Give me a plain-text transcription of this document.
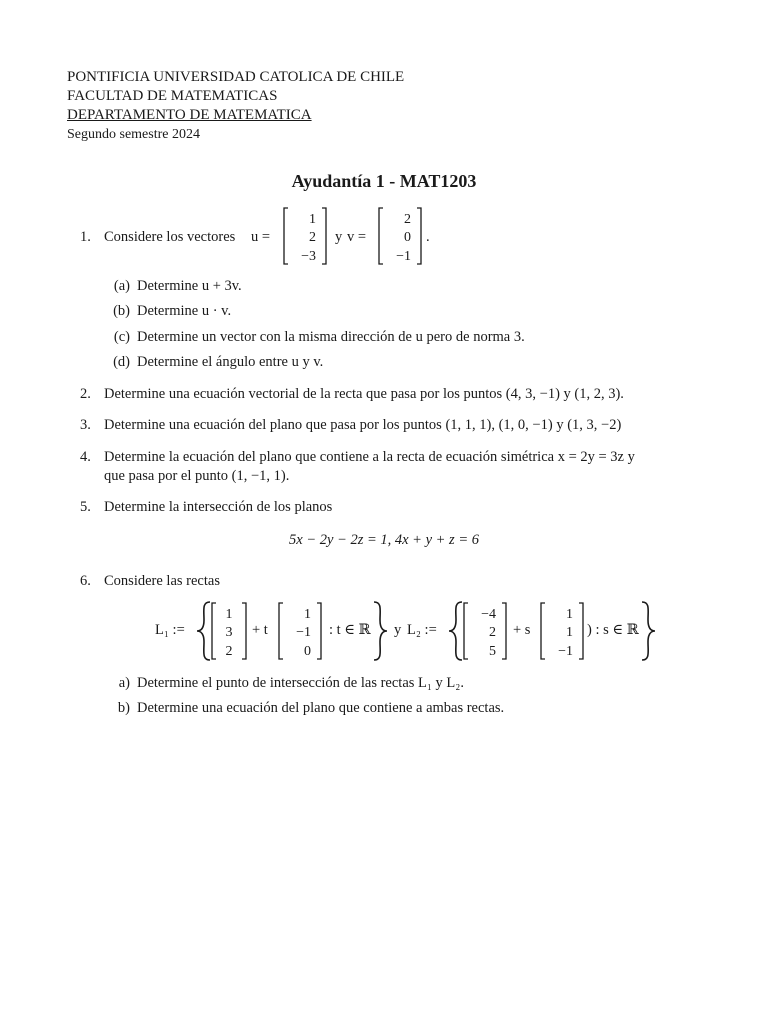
PONTIFICIA UNIVERSIDAD CATOLICA DE CHILE
FACULTAD DE MATEMATICAS
DEPARTAMENTO DE MATEMATICA
Segundo semestre 2024
Ayudantía 1 - MAT1203
1. Considere los vectores u =
1
2
−3
y v =
2
0
−1
.
(a) Determine u + 3v.
(b) Determine u · v.
(c) Determine un vector con la misma dirección de u pero de norma 3.
(d) Determine el ángulo entre u y v.
2. Determine una ecuación vectorial de la recta que pasa por los puntos (4, 3, −1) y (1, 2, 3).
3. Determine una ecuación del plano que pasa por los puntos (1, 1, 1), (1, 0, −1) y (1, 3, −2)
4. Determine la ecuación del plano que contiene a la recta de ecuación simétrica x = 2y = 3z y
que pasa por el punto (1, −1, 1).
5. Determine la intersección de los planos
5x − 2y − 2z = 1, 4x + y + z = 6
6. Considere las rectas
L₁ :=
1
3
2
+ t
1
−1
0
: t ∈ ℝ y L₂ :=
−4
2
5
+ s
1
1
−1
) : s ∈ ℝ
a) Determine el punto de intersección de las rectas L₁ y L₂.
b) Determine una ecuación del plano que contiene a ambas rectas.
